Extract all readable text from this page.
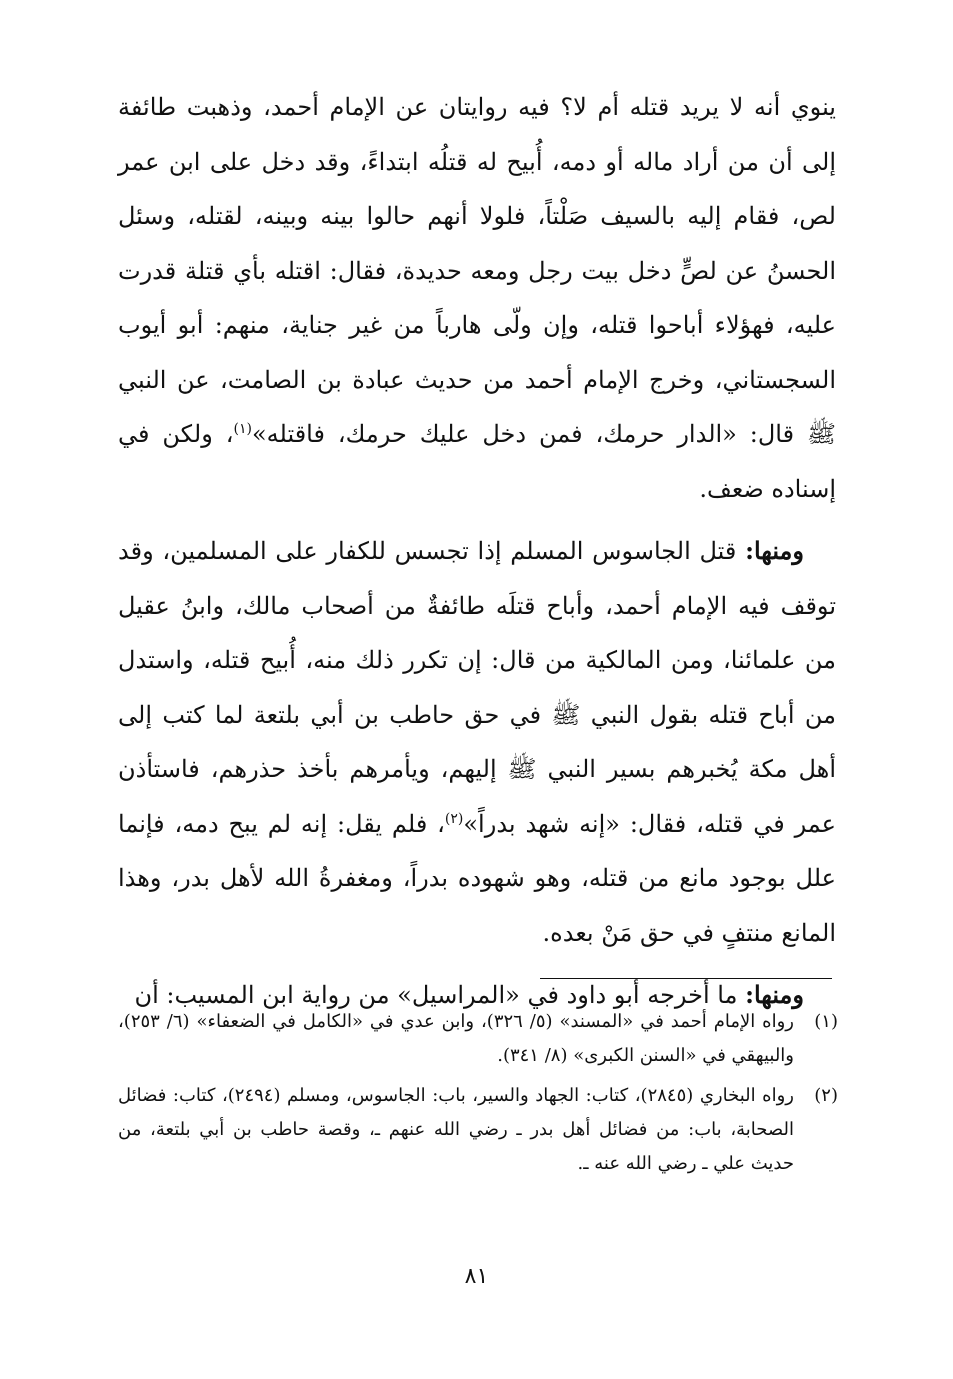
ينوي أنه لا يريد قتله أم لا؟ فيه روايتان عن الإمام أحمد، وذهبت طائفة إلى أن من أراد ماله أو دمه، أُبيح له قتلُه ابتداءً، وقد دخل على ابن عمر لص، فقام إليه بالسيف صَلْتاً، فلولا أنهم حالوا بينه وبينه، لقتله، وسئل الحسنُ عن لصٍّ دخل بيت رجل ومعه حديدة، فقال: اقتله بأي قتلة قدرت عليه، فهؤلاء أباحوا قتله، وإن ولّى هارباً من غير جناية، منهم: أبو أيوب السجستاني، وخرج الإمام أحمد من حديث عبادة بن الصامت، عن النبي ﷺ قال: «الدار حرمك، فمن دخل عليك حرمك، فاقتله»$^{(١)}$، ولكن في إسناده ضعف.

ومنها: قتل الجاسوس المسلم إذا تجسس للكفار على المسلمين، وقد توقف فيه الإمام أحمد، وأباح قتلَه طائفةٌ من أصحاب مالك، وابنُ عقيل من علمائنا، ومن المالكية من قال: إن تكرر ذلك منه، أُبيح قتله، واستدل من أباح قتله بقول النبي ﷺ في حق حاطب بن أبي بلتعة لما كتب إلى أهل مكة يُخبرهم بسير النبي ﷺ إليهم، ويأمرهم بأخذ حذرهم، فاستأذن عمر في قتله، فقال: «إنه شهد بدراً»$^{(٢)}$، فلم يقل: إنه لم يبح دمه، فإنما علل بوجود مانع من قتله، وهو شهوده بدراً، ومغفرةُ الله لأهل بدر، وهذا المانع منتفٍ في حق مَنْ بعده.

ومنها: ما أخرجه أبو داود في «المراسيل» من رواية ابن المسيب: أن

(١)
رواه الإمام أحمد في «المسند» (٥/ ٣٢٦)، وابن عدي في «الكامل في الضعفاء» (٦/ ٢٥٣)، والبيهقي في «السنن الكبرى» (٨/ ٣٤١).
(٢)
رواه البخاري (٢٨٤٥)، كتاب: الجهاد والسير، باب: الجاسوس، ومسلم (٢٤٩٤)، كتاب: فضائل الصحابة، باب: من فضائل أهل بدر ـ رضي الله عنهم ـ، وقصة حاطب بن أبي بلتعة، من حديث علي ـ رضي الله عنه ـ.
٨١
